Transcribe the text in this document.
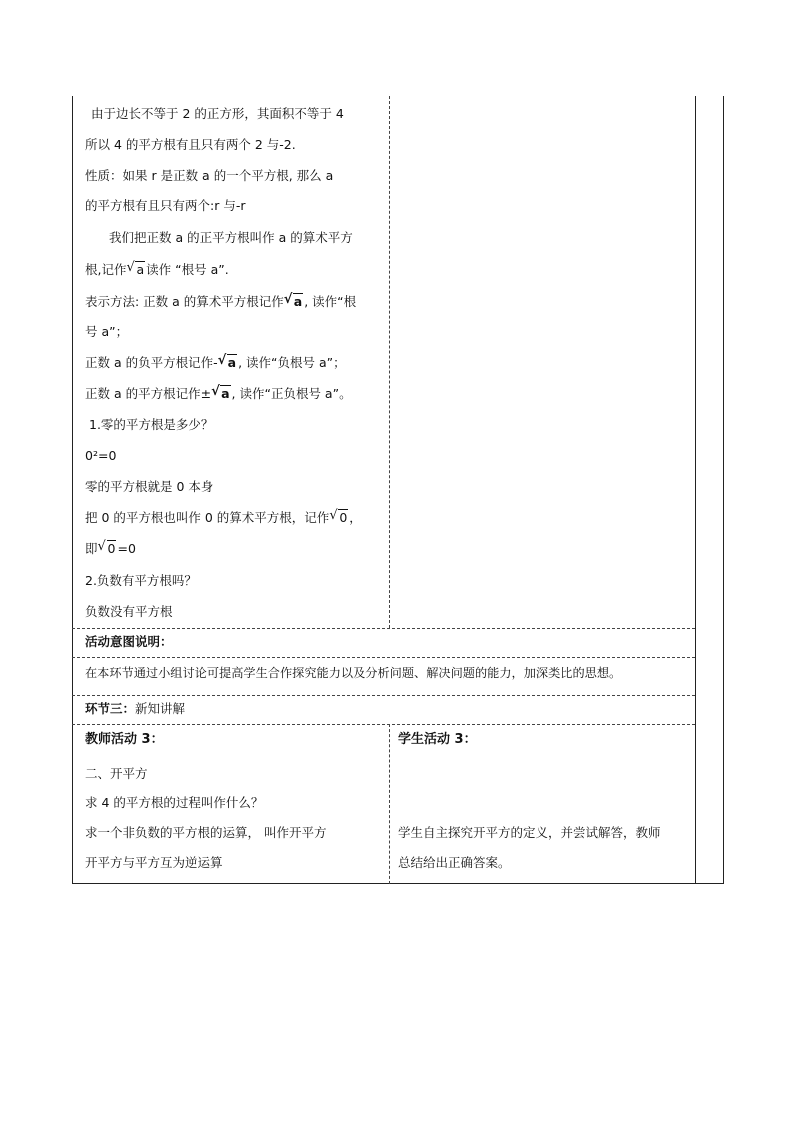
由于边长不等于 2 的正方形，其面积不等于 4
所以 4 的平方根有且只有两个 2 与-2.
性质：如果 r 是正数 a 的一个平方根, 那么 a
的平方根有且只有两个:r 与-r
我们把正数 a 的正平方根叫作 a 的算术平方
根,记作 √ a 读作 “根号 a”.
表示方法: 正数 a 的算术平方根记作 √ a , 读作“根
号 a”；
正数 a 的负平方根记作- √ a , 读作“负根号 a”；
正数 a 的平方根记作± √ a , 读作“正负根号 a”。
1.零的平方根是多少？
0²=0
零的平方根就是 0 本身
把 0 的平方根也叫作 0 的算术平方根，记作 √ 0 ，
即 √ 0 =0
2.负数有平方根吗？
负数没有平方根
活动意图说明：
在本环节通过小组讨论可提高学生合作探究能力以及分析问题、解决问题的能力，加深类比的思想。
环节三：新知讲解
教师活动 3：
二、开平方
求 4 的平方根的过程叫作什么？
求一个非负数的平方根的运算， 叫作开平方
开平方与平方互为逆运算
学生活动 3：
学生自主探究开平方的定义，并尝试解答，教师
总结给出正确答案。
